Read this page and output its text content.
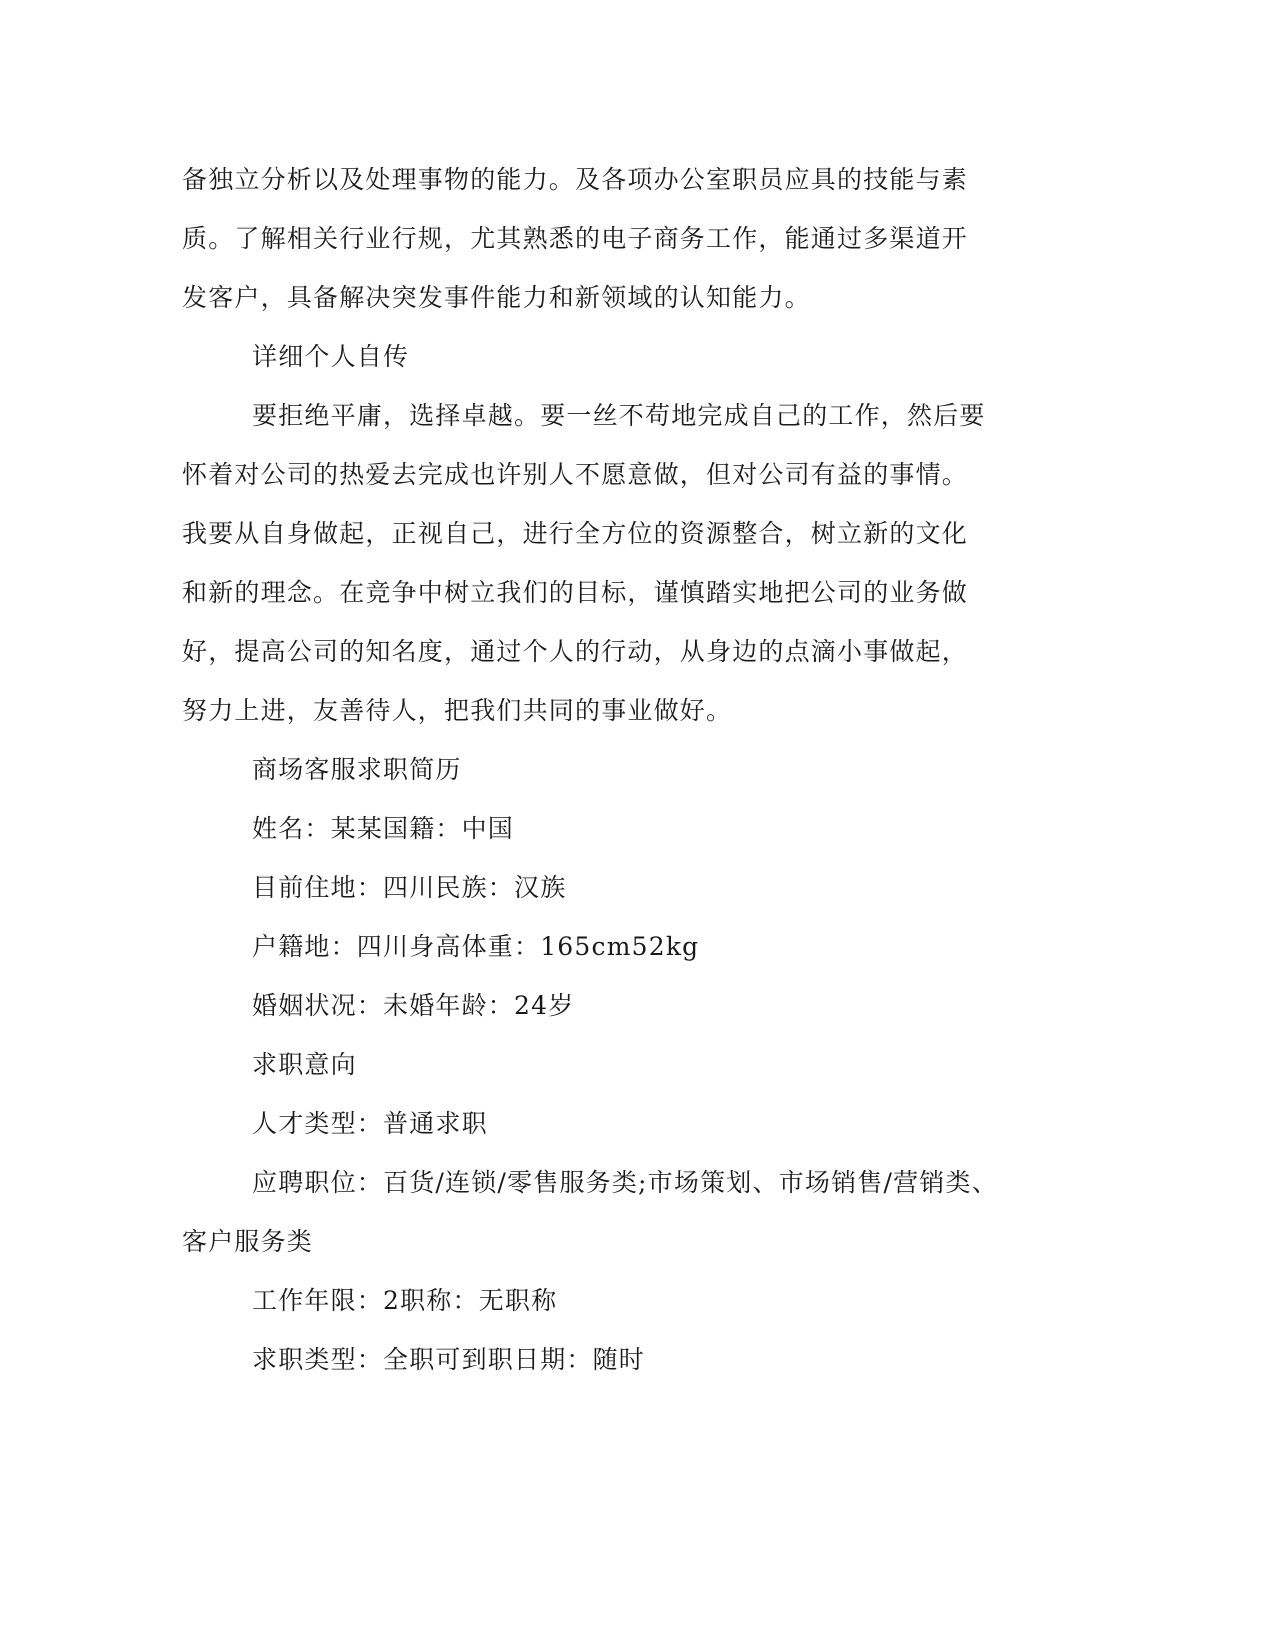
备独立分析以及处理事物的能力。及各项办公室职员应具的技能与素
质。了解相关行业行规，尤其熟悉的电子商务工作，能通过多渠道开
发客户，具备解决突发事件能力和新领域的认知能力。
详细个人自传
要拒绝平庸，选择卓越。要一丝不苟地完成自己的工作，然后要
怀着对公司的热爱去完成也许别人不愿意做，但对公司有益的事情。
我要从自身做起，正视自己，进行全方位的资源整合，树立新的文化
和新的理念。在竞争中树立我们的目标，谨慎踏实地把公司的业务做
好，提高公司的知名度，通过个人的行动，从身边的点滴小事做起，
努力上进，友善待人，把我们共同的事业做好。
商场客服求职简历
姓名：某某国籍：中国
目前住地：四川民族：汉族
户籍地：四川身高体重：165cm52kg
婚姻状况：未婚年龄：24岁
求职意向
人才类型：普通求职
应聘职位：百货/连锁/零售服务类;市场策划、市场销售/营销类、
客户服务类
工作年限：2职称：无职称
求职类型：全职可到职日期：随时
